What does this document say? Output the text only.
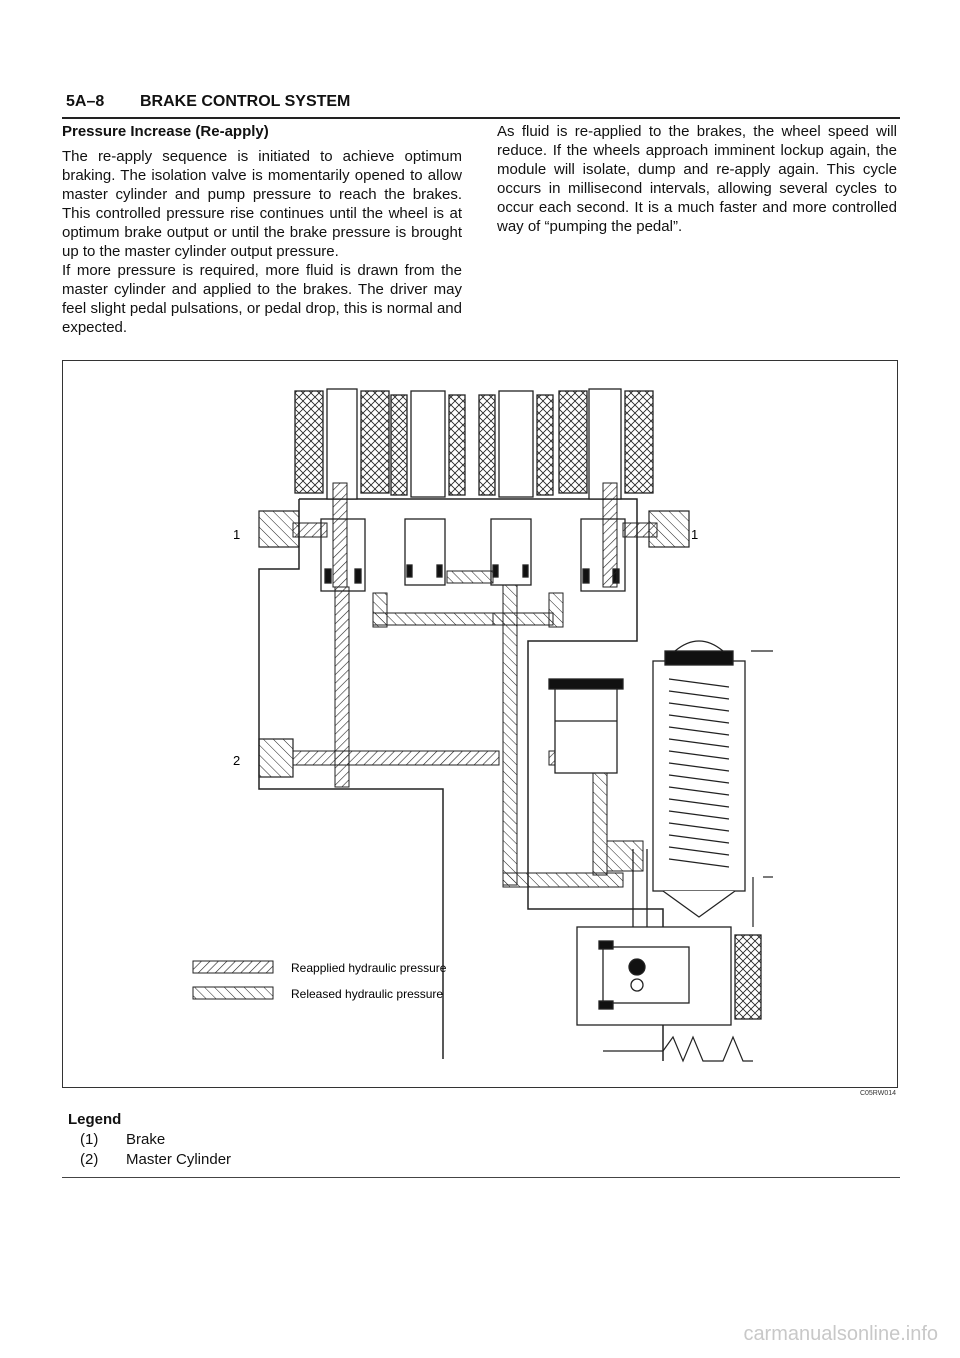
5A–8 BRAKE CONTROL SYSTEM
Pressure Increase (Re-apply)

The re-apply sequence is initiated to achieve optimum braking. The isolation valve is momentarily opened to allow master cylinder and pump pressure to reach the brakes. This controlled pressure rise continues until the wheel is at optimum brake output or until the brake pressure is brought up to the master cylinder output pressure.

If more pressure is required, more fluid is drawn from the master cylinder and applied to the brakes. The driver may feel slight pedal pulsations, or pedal drop, this is normal and expected.

As fluid is re-applied to the brakes, the wheel speed will reduce. If the wheels approach imminent lockup again, the module will isolate, dump and re-apply again. This cycle occurs in millisecond intervals, allowing several cycles to occur each second. It is a much faster and more controlled way of “pumping the pedal”.

1	1
2
Reapplied hydraulic pressure
Released hydraulic pressure
C05RW014
Legend
(1) Brake
(2) Master Cylinder
carmanualsonline.info
